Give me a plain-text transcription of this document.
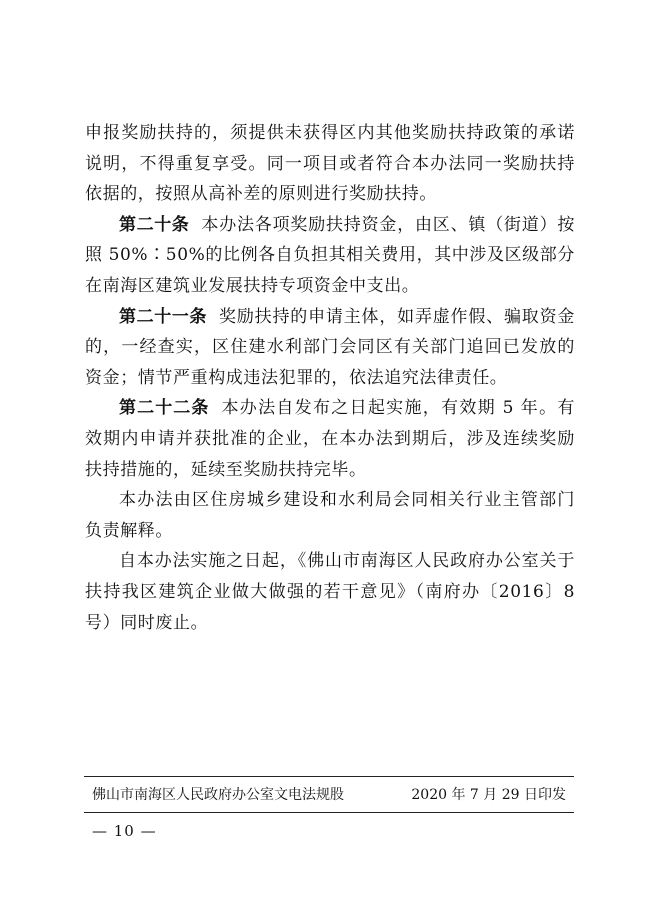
申报奖励扶持的，须提供未获得区内其他奖励扶持政策的承诺说明，不得重复享受。同一项目或者符合本办法同一奖励扶持依据的，按照从高补差的原则进行奖励扶持。

第二十条 本办法各项奖励扶持资金，由区、镇（街道）按照 50%∶50%的比例各自负担其相关费用，其中涉及区级部分在南海区建筑业发展扶持专项资金中支出。

第二十一条 奖励扶持的申请主体，如弄虚作假、骗取资金的，一经查实，区住建水利部门会同区有关部门追回已发放的资金；情节严重构成违法犯罪的，依法追究法律责任。

第二十二条 本办法自发布之日起实施，有效期 5 年。有效期内申请并获批准的企业，在本办法到期后，涉及连续奖励扶持措施的，延续至奖励扶持完毕。

本办法由区住房城乡建设和水利局会同相关行业主管部门负责解释。

自本办法实施之日起，《佛山市南海区人民政府办公室关于扶持我区建筑企业做大做强的若干意见》（南府办〔2016〕8 号）同时废止。

佛山市南海区人民政府办公室文电法规股	2020 年 7 月 29 日印发
— 10 —
